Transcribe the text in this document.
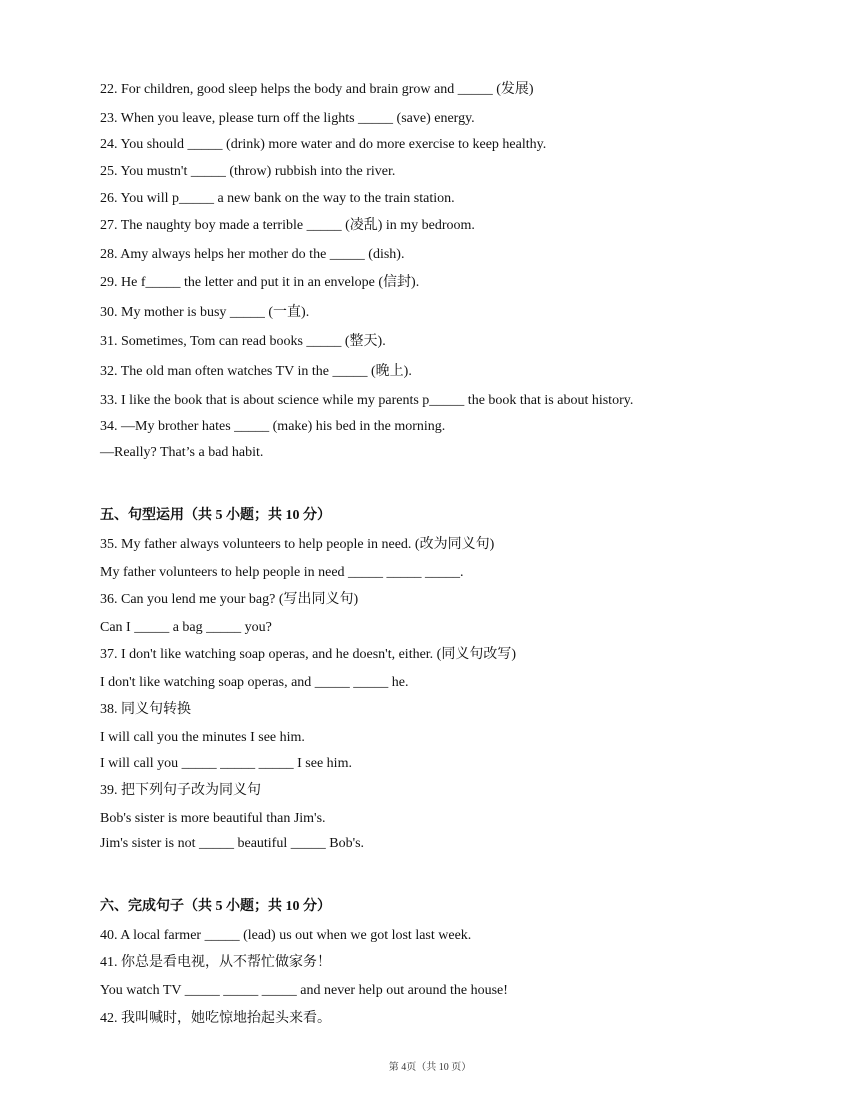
22. For children, good sleep helps the body and brain grow and _____ (发展)
23. When you leave, please turn off the lights _____ (save) energy.
24. You should _____ (drink) more water and do more exercise to keep healthy.
25. You mustn't _____ (throw) rubbish into the river.
26. You will p_____ a new bank on the way to the train station.
27. The naughty boy made a terrible _____ (凌乱) in my bedroom.
28. Amy always helps her mother do the _____ (dish).
29. He f_____ the letter and put it in an envelope (信封).
30. My mother is busy _____ (一直).
31. Sometimes, Tom can read books _____ (整天).
32. The old man often watches TV in the _____ (晚上).
33. I like the book that is about science while my parents p_____ the book that is about history.
34. —My brother hates _____ (make) his bed in the morning.
—Really? That’s a bad habit.
五、句型运用（共 5 小题；共 10 分）
35. My father always volunteers to help people in need. (改为同义句)
My father volunteers to help people in need _____ _____ _____.
36. Can you lend me your bag? (写出同义句)
Can I _____ a bag _____ you?
37. I don't like watching soap operas, and he doesn't, either. (同义句改写)
I don't like watching soap operas, and _____ _____ he.
38. 同义句转换
I will call you the minutes I see him.
I will call you _____ _____ _____ I see him.
39. 把下列句子改为同义句
Bob's sister is more beautiful than Jim's.
Jim's sister is not _____ beautiful _____ Bob's.
六、完成句子（共 5 小题；共 10 分）
40. A local farmer _____ (lead) us out when we got lost last week.
41. 你总是看电视，从不帮忙做家务！
You watch TV _____ _____ _____ and never help out around the house!
42. 我叫喊时，她吃惊地抬起头来看。
第 4页（共 10 页）
